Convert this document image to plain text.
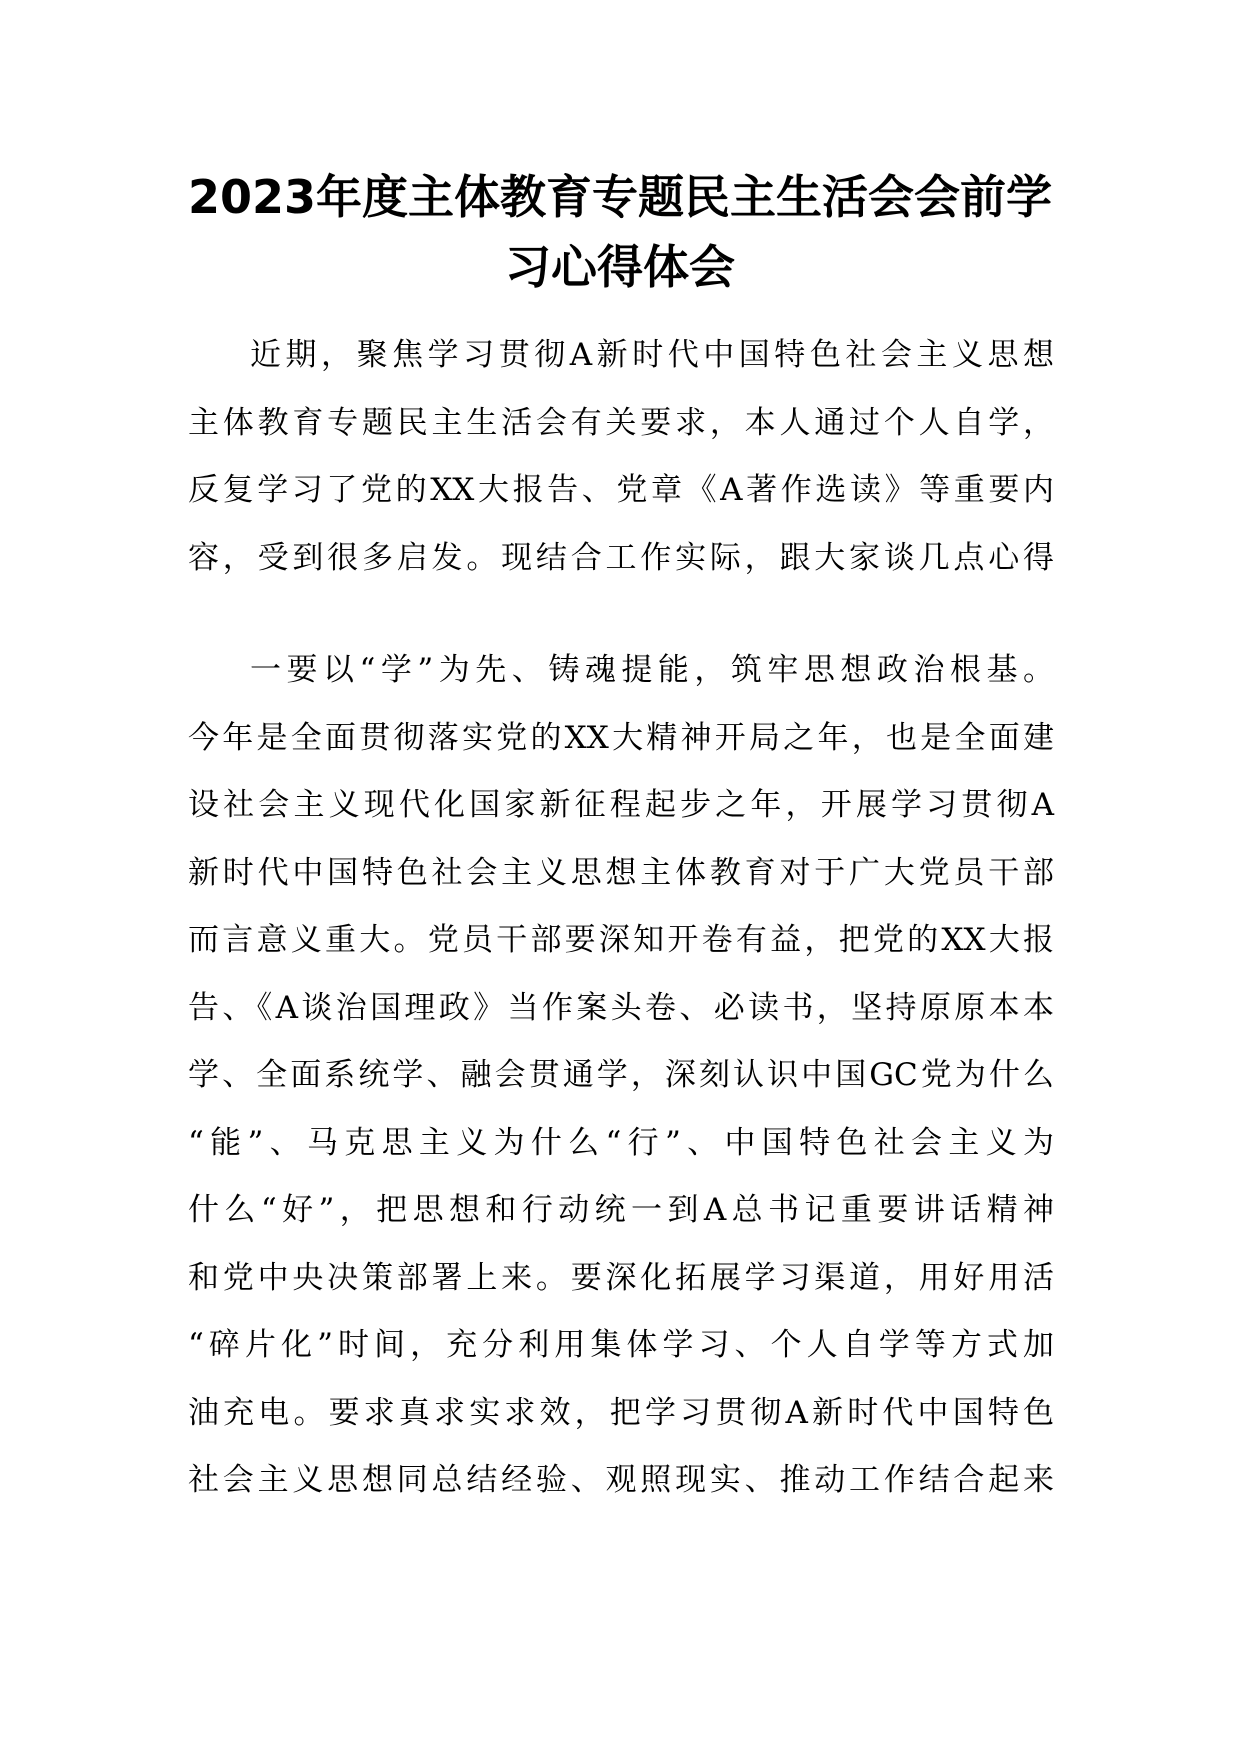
2023年度主体教育专题民主生活会会前学
习心得体会
近期，聚焦学习贯彻A新时代中国特色社会主义思想
主体教育专题民主生活会有关要求，本人通过个人自学，
反复学习了党的XX大报告、党章《A著作选读》等重要内
容，受到很多启发。现结合工作实际，跟大家谈几点心得
一要以“学”为先、铸魂提能，筑牢思想政治根基。
今年是全面贯彻落实党的XX大精神开局之年，也是全面建
设社会主义现代化国家新征程起步之年，开展学习贯彻A
新时代中国特色社会主义思想主体教育对于广大党员干部
而言意义重大。党员干部要深知开卷有益，把党的XX大报
告、《A谈治国理政》当作案头卷、必读书，坚持原原本本
学、全面系统学、融会贯通学，深刻认识中国GC党为什么
“能”、马克思主义为什么“行”、中国特色社会主义为
什么“好”，把思想和行动统一到A总书记重要讲话精神
和党中央决策部署上来。要深化拓展学习渠道，用好用活
“碎片化”时间，充分利用集体学习、个人自学等方式加
油充电。要求真求实求效，把学习贯彻A新时代中国特色
社会主义思想同总结经验、观照现实、推动工作结合起来
